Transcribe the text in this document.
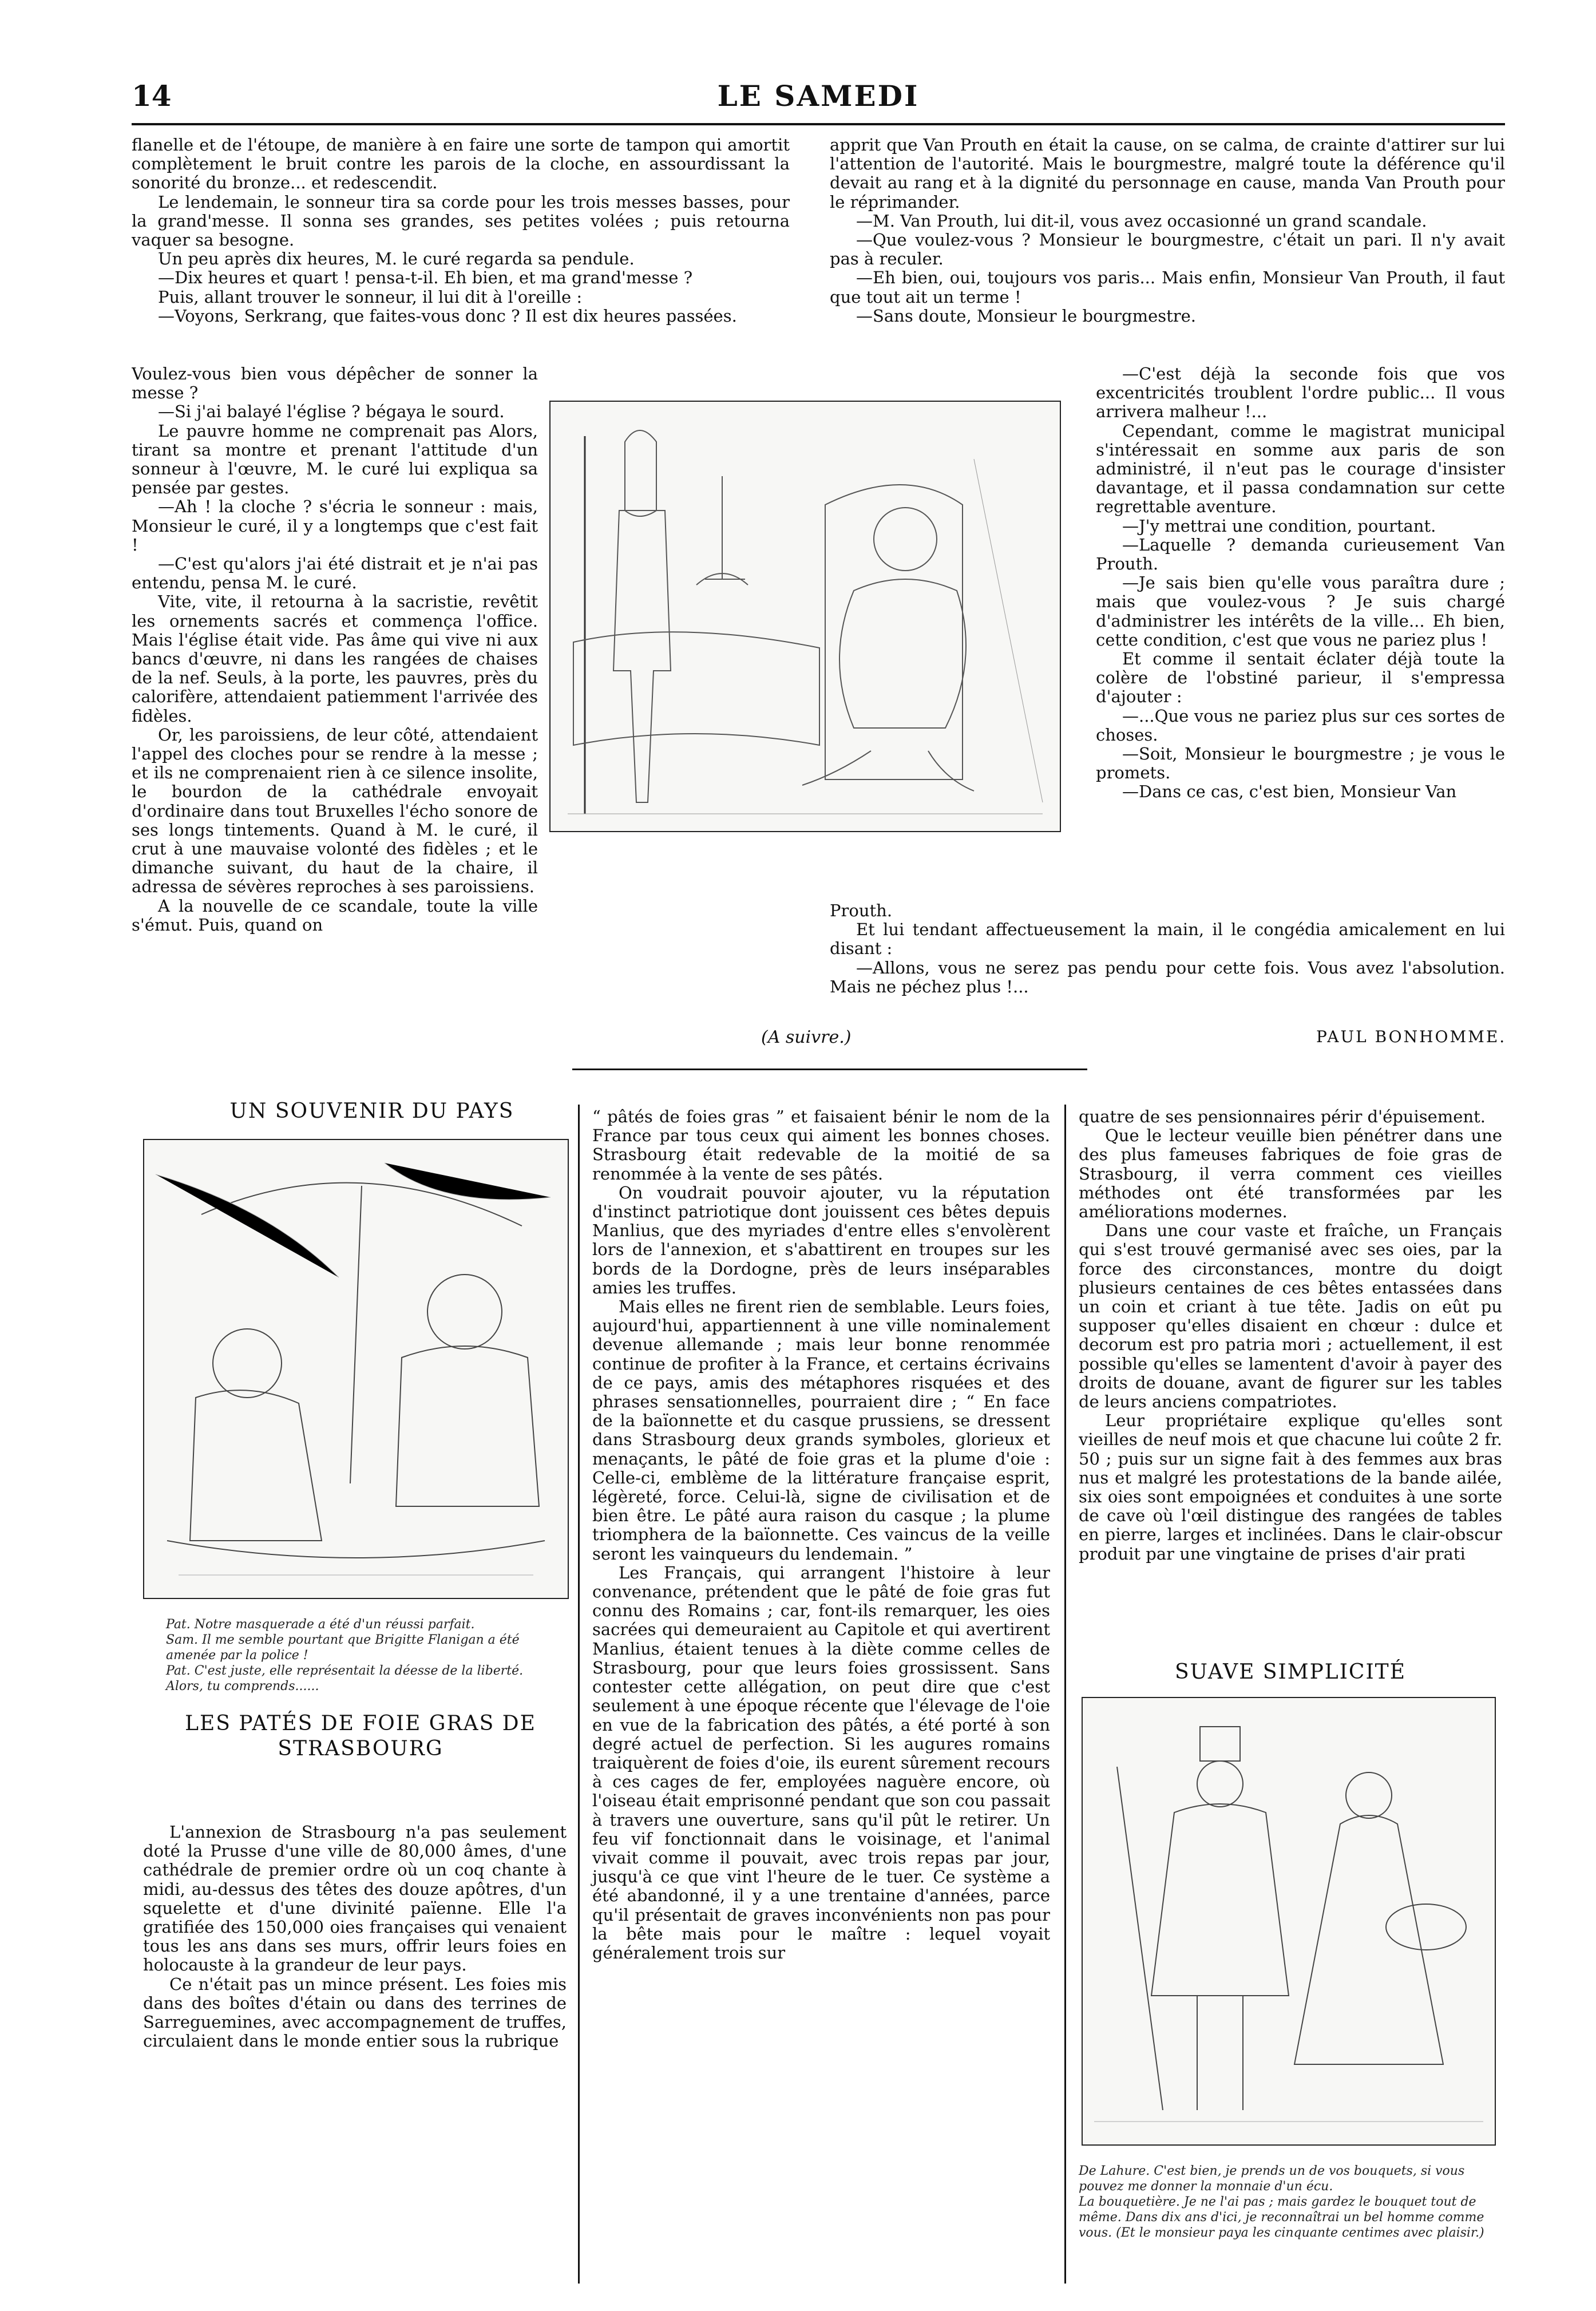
14	LE SAMEDI

flanelle et de l'étoupe, de manière à en faire une sorte de tampon qui amortit complètement le bruit contre les parois de la cloche, en assourdissant la sonorité du bronze... et redescendit.

Le lendemain, le sonneur tira sa corde pour les trois messes basses, pour la grand'messe. Il sonna ses grandes, ses petites volées ; puis retourna vaquer sa besogne.

Un peu après dix heures, M. le curé regarda sa pendule.

—Dix heures et quart ! pensa-t-il. Eh bien, et ma grand'messe ?

Puis, allant trouver le sonneur, il lui dit à l'oreille :

—Voyons, Serkrang, que faites-vous donc ? Il est dix heures passées.

Voulez-vous bien vous dépêcher de sonner la messe ?

—Si j'ai balayé l'église ? bégaya le sourd.

Le pauvre homme ne comprenait pas Alors, tirant sa montre et prenant l'attitude d'un sonneur à l'œuvre, M. le curé lui expliqua sa pensée par gestes.

—Ah ! la cloche ? s'écria le sonneur : mais, Monsieur le curé, il y a longtemps que c'est fait !

—C'est qu'alors j'ai été distrait et je n'ai pas entendu, pensa M. le curé.

Vite, vite, il retourna à la sacristie, revêtit les ornements sacrés et commença l'office. Mais l'église était vide. Pas âme qui vive ni aux bancs d'œuvre, ni dans les rangées de chaises de la nef. Seuls, à la porte, les pauvres, près du calorifère, attendaient patiemment l'arrivée des fidèles.

Or, les paroissiens, de leur côté, attendaient l'appel des cloches pour se rendre à la messe ; et ils ne comprenaient rien à ce silence insolite, le bourdon de la cathédrale envoyait d'ordinaire dans tout Bruxelles l'écho sonore de ses longs tintements. Quand à M. le curé, il crut à une mauvaise volonté des fidèles ; et le dimanche suivant, du haut de la chaire, il adressa de sévères reproches à ses paroissiens.

A la nouvelle de ce scandale, toute la ville s'émut. Puis, quand on

—C'est déjà la seconde fois que vos excentricités troublent l'ordre public... Il vous arrivera malheur !...

Cependant, comme le magistrat municipal s'intéressait en somme aux paris de son administré, il n'eut pas le courage d'insister davantage, et il passa condamnation sur cette regrettable aventure.

—J'y mettrai une condition, pourtant.

—Laquelle ? demanda curieusement Van Prouth.

—Je sais bien qu'elle vous paraîtra dure ; mais que voulez-vous ? Je suis chargé d'administrer les intérêts de la ville... Eh bien, cette condition, c'est que vous ne pariez plus !

Et comme il sentait éclater déjà toute la colère de l'obstiné parieur, il s'empressa d'ajouter :

—...Que vous ne pariez plus sur ces sortes de choses.

—Soit, Monsieur le bourgmestre ; je vous le promets.

—Dans ce cas, c'est bien, Monsieur Van

apprit que Van Prouth en était la cause, on se calma, de crainte d'attirer sur lui l'attention de l'autorité. Mais le bourgmestre, malgré toute la déférence qu'il devait au rang et à la dignité du personnage en cause, manda Van Prouth pour le réprimander.

—M. Van Prouth, lui dit-il, vous avez occasionné un grand scandale.

—Que voulez-vous ? Monsieur le bourgmestre, c'était un pari. Il n'y avait pas à reculer.

—Eh bien, oui, toujours vos paris... Mais enfin, Monsieur Van Prouth, il faut que tout ait un terme !

—Sans doute, Monsieur le bourgmestre.

Prouth.

Et lui tendant affectueusement la main, il le congédia amicalement en lui disant :

—Allons, vous ne serez pas pendu pour cette fois. Vous avez l'absolution. Mais ne péchez plus !...

(A suivre.)	PAUL BONHOMME.
UN SOUVENIR DU PAYS
Pat. Notre masquerade a été d'un réussi parfait.
Sam. Il me semble pourtant que Brigitte Flanigan a été amenée par la police !
Pat. C'est juste, elle représentait la déesse de la liberté. Alors, tu comprends......
LES PATÉS DE FOIE GRAS DE STRASBOURG

L'annexion de Strasbourg n'a pas seulement doté la Prusse d'une ville de 80,000 âmes, d'une cathédrale de premier ordre où un coq chante à midi, au-dessus des têtes des douze apôtres, d'un squelette et d'une divinité païenne. Elle l'a gratifiée des 150,000 oies françaises qui venaient tous les ans dans ses murs, offrir leurs foies en holocauste à la grandeur de leur pays.

Ce n'était pas un mince présent. Les foies mis dans des boîtes d'étain ou dans des terrines de Sarreguemines, avec accompagnement de truffes, circulaient dans le monde entier sous la rubrique

“ pâtés de foies gras ” et faisaient bénir le nom de la France par tous ceux qui aiment les bonnes choses. Strasbourg était redevable de la moitié de sa renommée à la vente de ses pâtés.

On voudrait pouvoir ajouter, vu la réputation d'instinct patriotique dont jouissent ces bêtes depuis Manlius, que des myriades d'entre elles s'envolèrent lors de l'annexion, et s'abattirent en troupes sur les bords de la Dordogne, près de leurs inséparables amies les truffes.

Mais elles ne firent rien de semblable. Leurs foies, aujourd'hui, appartiennent à une ville nominalement devenue allemande ; mais leur bonne renommée continue de profiter à la France, et certains écrivains de ce pays, amis des métaphores risquées et des phrases sensationnelles, pourraient dire ; “ En face de la baïonnette et du casque prussiens, se dressent dans Strasbourg deux grands symboles, glorieux et menaçants, le pâté de foie gras et la plume d'oie : Celle-ci, emblème de la littérature française esprit, légèreté, force. Celui-là, signe de civilisation et de bien être. Le pâté aura raison du casque ; la plume triomphera de la baïonnette. Ces vaincus de la veille seront les vainqueurs du lendemain. ”

Les Français, qui arrangent l'histoire à leur convenance, prétendent que le pâté de foie gras fut connu des Romains ; car, font-ils remarquer, les oies sacrées qui demeuraient au Capitole et qui avertirent Manlius, étaient tenues à la diète comme celles de Strasbourg, pour que leurs foies grossissent. Sans contester cette allégation, on peut dire que c'est seulement à une époque récente que l'élevage de l'oie en vue de la fabrication des pâtés, a été porté à son degré actuel de perfection. Si les augures romains traiquèrent de foies d'oie, ils eurent sûrement recours à ces cages de fer, employées naguère encore, où l'oiseau était emprisonné pendant que son cou passait à travers une ouverture, sans qu'il pût le retirer. Un feu vif fonctionnait dans le voisinage, et l'animal vivait comme il pouvait, avec trois repas par jour, jusqu'à ce que vint l'heure de le tuer. Ce système a été abandonné, il y a une trentaine d'années, parce qu'il présentait de graves inconvénients non pas pour la bête mais pour le maître : lequel voyait généralement trois sur

quatre de ses pensionnaires périr d'épuisement.

Que le lecteur veuille bien pénétrer dans une des plus fameuses fabriques de foie gras de Strasbourg, il verra comment ces vieilles méthodes ont été transformées par les améliorations modernes.

Dans une cour vaste et fraîche, un Français qui s'est trouvé germanisé avec ses oies, par la force des circonstances, montre du doigt plusieurs centaines de ces bêtes entassées dans un coin et criant à tue tête. Jadis on eût pu supposer qu'elles disaient en chœur : dulce et decorum est pro patria mori ; actuellement, il est possible qu'elles se lamentent d'avoir à payer des droits de douane, avant de figurer sur les tables de leurs anciens compatriotes.

Leur propriétaire explique qu'elles sont vieilles de neuf mois et que chacune lui coûte 2 fr. 50 ; puis sur un signe fait à des femmes aux bras nus et malgré les protestations de la bande ailée, six oies sont empoignées et conduites à une sorte de cave où l'œil distingue des rangées de tables en pierre, larges et inclinées. Dans le clair-obscur produit par une vingtaine de prises d'air prati

SUAVE SIMPLICITÉ
De Lahure. C'est bien, je prends un de vos bouquets, si vous pouvez me donner la monnaie d'un écu.
La bouquetière. Je ne l'ai pas ; mais gardez le bouquet tout de même. Dans dix ans d'ici, je reconnaîtrai un bel homme comme vous. (Et le monsieur paya les cinquante centimes avec plaisir.)
